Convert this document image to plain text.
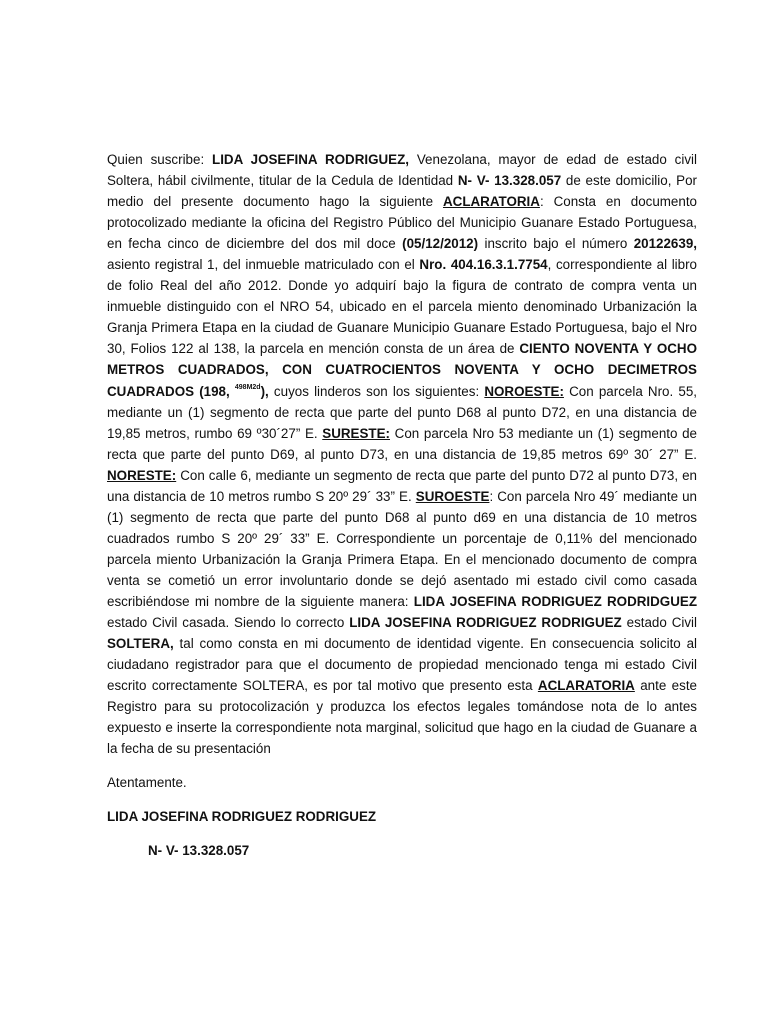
Quien suscribe: LIDA JOSEFINA RODRIGUEZ, Venezolana, mayor de edad de estado civil Soltera, hábil civilmente, titular de la Cedula de Identidad N- V- 13.328.057 de este domicilio, Por medio del presente documento hago la siguiente ACLARATORIA: Consta en documento protocolizado mediante la oficina del Registro Público del Municipio Guanare Estado Portuguesa, en fecha cinco de diciembre del dos mil doce (05/12/2012) inscrito bajo el número 20122639, asiento registral 1, del inmueble matriculado con el Nro. 404.16.3.1.7754, correspondiente al libro de folio Real del año 2012. Donde yo adquirí bajo la figura de contrato de compra venta un inmueble distinguido con el NRO 54, ubicado en el parcela miento denominado Urbanización la Granja Primera Etapa en la ciudad de Guanare Municipio Guanare Estado Portuguesa, bajo el Nro 30, Folios 122 al 138, la parcela en mención consta de un área de CIENTO NOVENTA Y OCHO METROS CUADRADOS, CON CUATROCIENTOS NOVENTA Y OCHO DECIMETROS CUADRADOS (198, $^{498M2d}$), cuyos linderos son los siguientes: NOROESTE: Con parcela Nro. 55, mediante un (1) segmento de recta que parte del punto D68 al punto D72, en una distancia de 19,85 metros, rumbo 69 º30´27” E. SURESTE: Con parcela Nro 53 mediante un (1) segmento de recta que parte del punto D69, al punto D73, en una distancia de 19,85 metros 69º 30´ 27” E. NORESTE: Con calle 6, mediante un segmento de recta que parte del punto D72 al punto D73, en una distancia de 10 metros rumbo S 20º 29´ 33” E. SUROESTE: Con parcela Nro 49´ mediante un (1) segmento de recta que parte del punto D68 al punto d69 en una distancia de 10 metros cuadrados rumbo S 20º 29´ 33” E. Correspondiente un porcentaje de 0,11% del mencionado parcela miento Urbanización la Granja Primera Etapa. En el mencionado documento de compra venta se cometió un error involuntario donde se dejó asentado mi estado civil como casada escribiéndose mi nombre de la siguiente manera: LIDA JOSEFINA RODRIGUEZ RODRIDGUEZ estado Civil casada. Siendo lo correcto LIDA JOSEFINA RODRIGUEZ RODRIGUEZ estado Civil SOLTERA, tal como consta en mi documento de identidad vigente. En consecuencia solicito al ciudadano registrador para que el documento de propiedad mencionado tenga mi estado Civil escrito correctamente SOLTERA, es por tal motivo que presento esta ACLARATORIA ante este Registro para su protocolización y produzca los efectos legales tomándose nota de lo antes expuesto e inserte la correspondiente nota marginal, solicitud que hago en la ciudad de Guanare a la fecha de su presentación

Atentamente.
LIDA JOSEFINA RODRIGUEZ RODRIGUEZ
N- V- 13.328.057
